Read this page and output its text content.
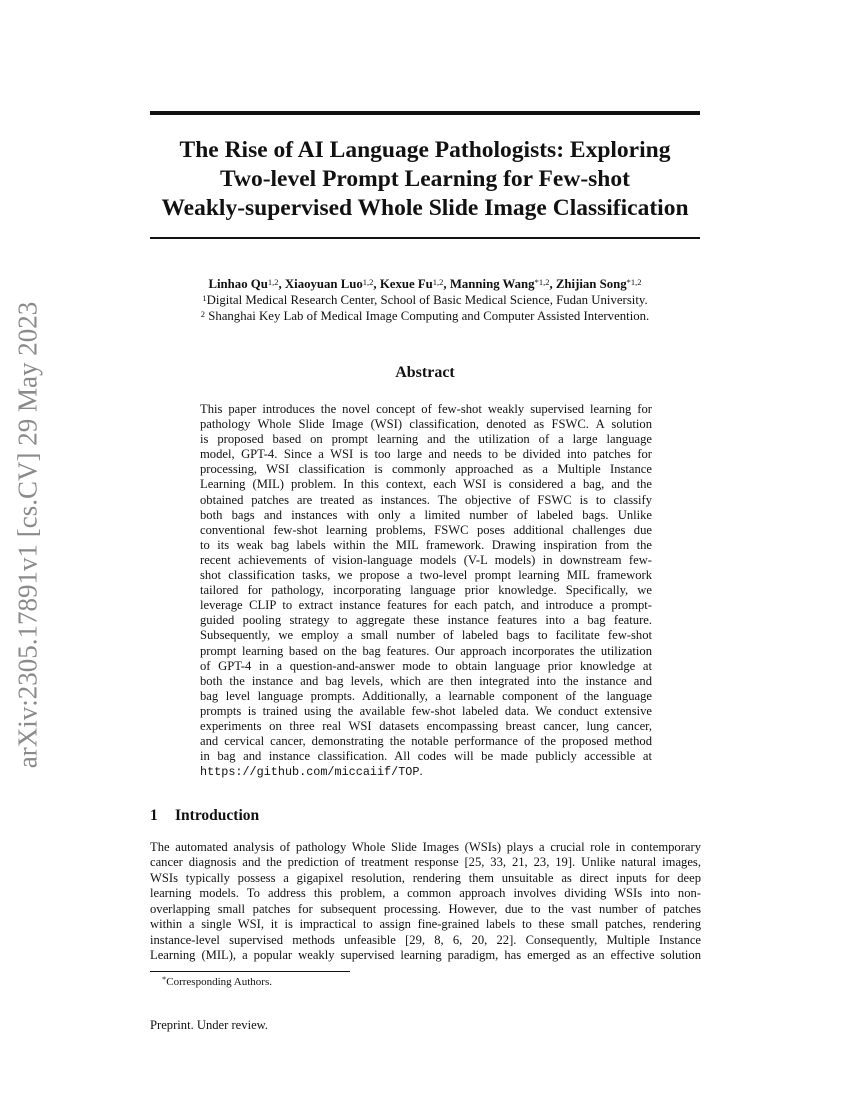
arXiv:2305.17891v1 [cs.CV] 29 May 2023
The Rise of AI Language Pathologists: Exploring
Two-level Prompt Learning for Few-shot
Weakly-supervised Whole Slide Image Classification
Linhao Qu$^{1,2}$, Xiaoyuan Luo$^{1,2}$, Kexue Fu$^{1,2}$, Manning Wang$^{*1,2}$, Zhijian Song$^{*1,2}$
$^1$Digital Medical Research Center, School of Basic Medical Science, Fudan University.
$^2$ Shanghai Key Lab of Medical Image Computing and Computer Assisted Intervention.
Abstract
This paper introduces the novel concept of few-shot weakly supervised learning for
pathology Whole Slide Image (WSI) classification, denoted as FSWC. A solution
is proposed based on prompt learning and the utilization of a large language
model, GPT-4. Since a WSI is too large and needs to be divided into patches for
processing, WSI classification is commonly approached as a Multiple Instance
Learning (MIL) problem. In this context, each WSI is considered a bag, and the
obtained patches are treated as instances. The objective of FSWC is to classify
both bags and instances with only a limited number of labeled bags. Unlike
conventional few-shot learning problems, FSWC poses additional challenges due
to its weak bag labels within the MIL framework. Drawing inspiration from the
recent achievements of vision-language models (V-L models) in downstream few-
shot classification tasks, we propose a two-level prompt learning MIL framework
tailored for pathology, incorporating language prior knowledge. Specifically, we
leverage CLIP to extract instance features for each patch, and introduce a prompt-
guided pooling strategy to aggregate these instance features into a bag feature.
Subsequently, we employ a small number of labeled bags to facilitate few-shot
prompt learning based on the bag features. Our approach incorporates the utilization
of GPT-4 in a question-and-answer mode to obtain language prior knowledge at
both the instance and bag levels, which are then integrated into the instance and
bag level language prompts. Additionally, a learnable component of the language
prompts is trained using the available few-shot labeled data. We conduct extensive
experiments on three real WSI datasets encompassing breast cancer, lung cancer,
and cervical cancer, demonstrating the notable performance of the proposed method
in bag and instance classification. All codes will be made publicly accessible at
https://github.com/miccaiif/TOP.
1 Introduction
The automated analysis of pathology Whole Slide Images (WSIs) plays a crucial role in contemporary
cancer diagnosis and the prediction of treatment response [25, 33, 21, 23, 19]. Unlike natural images,
WSIs typically possess a gigapixel resolution, rendering them unsuitable as direct inputs for deep
learning models. To address this problem, a common approach involves dividing WSIs into non-
overlapping small patches for subsequent processing. However, due to the vast number of patches
within a single WSI, it is impractical to assign fine-grained labels to these small patches, rendering
instance-level supervised methods unfeasible [29, 8, 6, 20, 22]. Consequently, Multiple Instance
Learning (MIL), a popular weakly supervised learning paradigm, has emerged as an effective solution
*Corresponding Authors.
Preprint. Under review.
